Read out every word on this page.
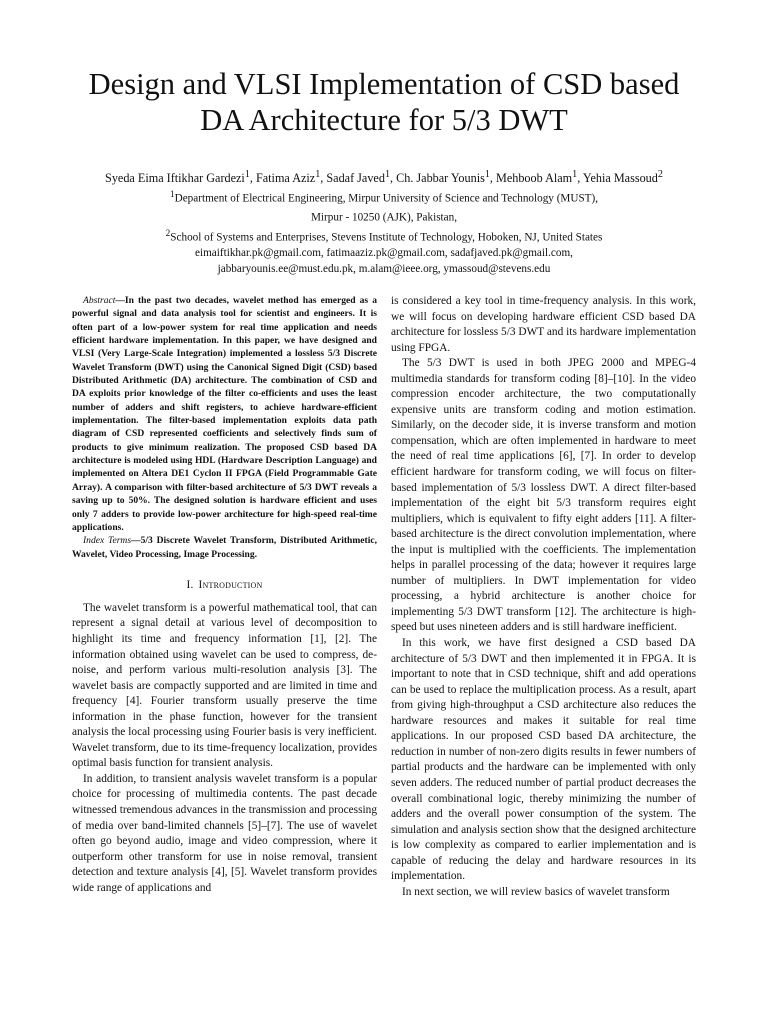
Design and VLSI Implementation of CSD based
DA Architecture for 5/3 DWT
Syeda Eima Iftikhar Gardezi$^1$, Fatima Aziz$^1$, Sadaf Javed$^1$, Ch. Jabbar Younis$^1$, Mehboob Alam$^1$, Yehia Massoud$^2$
$^1$Department of Electrical Engineering, Mirpur University of Science and Technology (MUST),
Mirpur - 10250 (AJK), Pakistan,
$^2$School of Systems and Enterprises, Stevens Institute of Technology, Hoboken, NJ, United States
eimaiftikhar.pk@gmail.com, fatimaaziz.pk@gmail.com, sadafjaved.pk@gmail.com,
jabbaryounis.ee@must.edu.pk, m.alam@ieee.org, ymassoud@stevens.edu

Abstract—In the past two decades, wavelet method has emerged as a powerful signal and data analysis tool for scientist and engineers. It is often part of a low-power system for real time application and needs efficient hardware implementation. In this paper, we have designed and VLSI (Very Large-Scale Integration) implemented a lossless 5/3 Discrete Wavelet Transform (DWT) using the Canonical Signed Digit (CSD) based Distributed Arithmetic (DA) architecture. The combination of CSD and DA exploits prior knowledge of the filter co-efficients and uses the least number of adders and shift registers, to achieve hardware-efficient implementation. The filter-based implementation exploits data path diagram of CSD represented coefficients and selectively finds sum of products to give minimum realization. The proposed CSD based DA architecture is modeled using HDL (Hardware Description Language) and implemented on Altera DE1 Cyclon II FPGA (Field Programmable Gate Array). A comparison with filter-based architecture of 5/3 DWT reveals a saving up to 50%. The designed solution is hardware efficient and uses only 7 adders to provide low-power architecture for high-speed real-time applications.

Index Terms—5/3 Discrete Wavelet Transform, Distributed Arithmetic, Wavelet, Video Processing, Image Processing.

I. Introduction

The wavelet transform is a powerful mathematical tool, that can represent a signal detail at various level of decomposition to highlight its time and frequency information [1], [2]. The information obtained using wavelet can be used to compress, de-noise, and perform various multi-resolution analysis [3]. The wavelet basis are compactly supported and are limited in time and frequency [4]. Fourier transform usually preserve the time information in the phase function, however for the transient analysis the local processing using Fourier basis is very inefficient. Wavelet transform, due to its time-frequency localization, provides optimal basis function for transient analysis.

In addition, to transient analysis wavelet transform is a popular choice for processing of multimedia contents. The past decade witnessed tremendous advances in the transmission and processing of media over band-limited channels [5]–[7]. The use of wavelet often go beyond audio, image and video compression, where it outperform other transform for use in noise removal, transient detection and texture analysis [4], [5]. Wavelet transform provides wide range of applications and

is considered a key tool in time-frequency analysis. In this work, we will focus on developing hardware efficient CSD based DA architecture for lossless 5/3 DWT and its hardware implementation using FPGA.

The 5/3 DWT is used in both JPEG 2000 and MPEG-4 multimedia standards for transform coding [8]–[10]. In the video compression encoder architecture, the two computationally expensive units are transform coding and motion estimation. Similarly, on the decoder side, it is inverse transform and motion compensation, which are often implemented in hardware to meet the need of real time applications [6], [7]. In order to develop efficient hardware for transform coding, we will focus on filter-based implementation of 5/3 lossless DWT. A direct filter-based implementation of the eight bit 5/3 transform requires eight multipliers, which is equivalent to fifty eight adders [11]. A filter-based architecture is the direct convolution implementation, where the input is multiplied with the coefficients. The implementation helps in parallel processing of the data; however it requires large number of multipliers. In DWT implementation for video processing, a hybrid architecture is another choice for implementing 5/3 DWT transform [12]. The architecture is high-speed but uses nineteen adders and is still hardware inefficient.

In this work, we have first designed a CSD based DA architecture of 5/3 DWT and then implemented it in FPGA. It is important to note that in CSD technique, shift and add operations can be used to replace the multiplication process. As a result, apart from giving high-throughput a CSD architecture also reduces the hardware resources and makes it suitable for real time applications. In our proposed CSD based DA architecture, the reduction in number of non-zero digits results in fewer numbers of partial products and the hardware can be implemented with only seven adders. The reduced number of partial product decreases the overall combinational logic, thereby minimizing the number of adders and the overall power consumption of the system. The simulation and analysis section show that the designed architecture is low complexity as compared to earlier implementation and is capable of reducing the delay and hardware resources in its implementation.

In next section, we will review basics of wavelet transform
